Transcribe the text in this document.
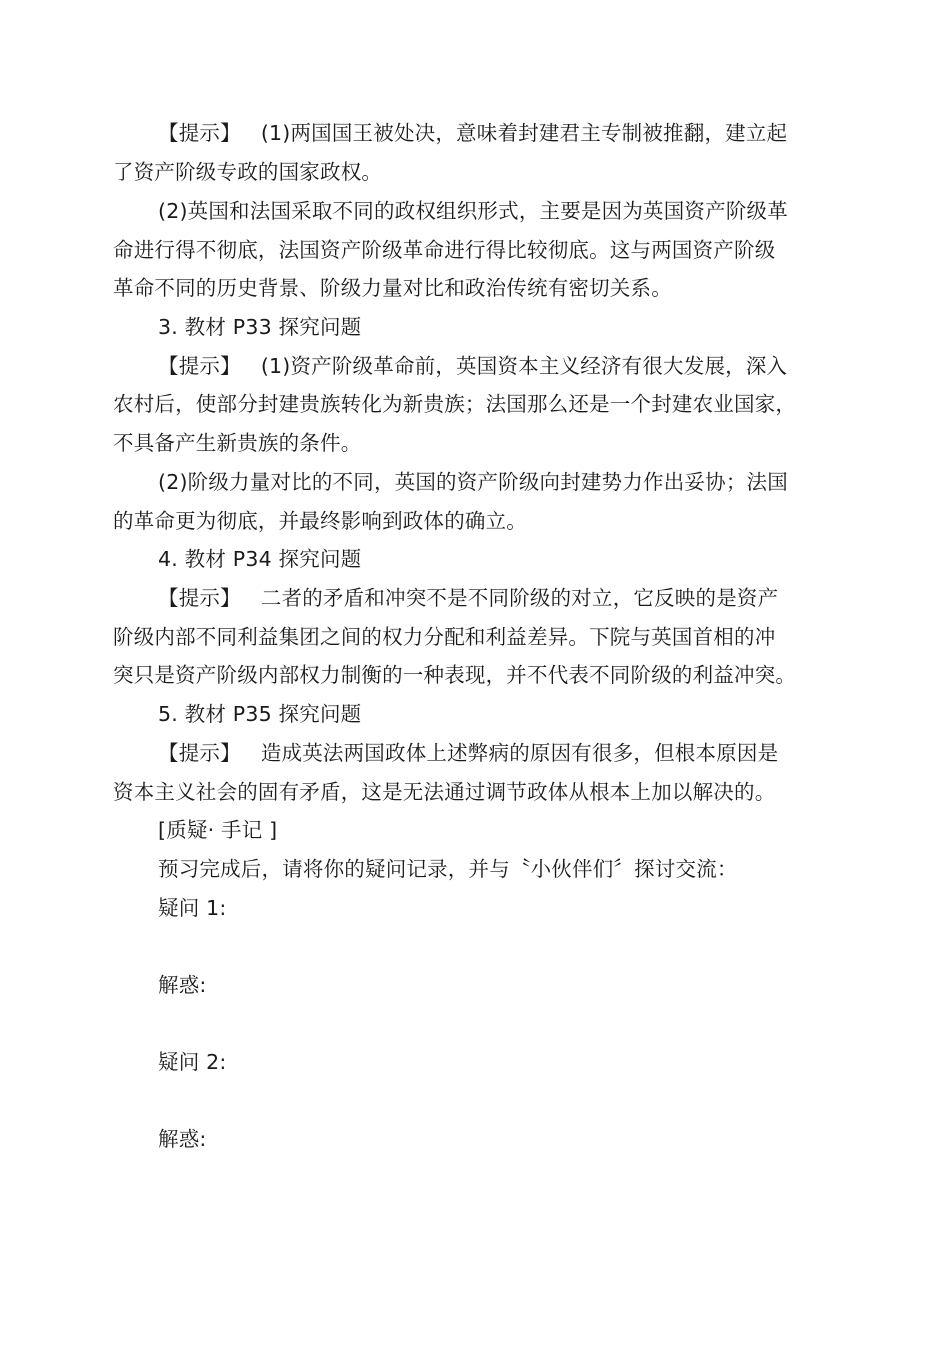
【提示】 (1)两国国王被处决，意味着封建君主专制被推翻，建立起
了资产阶级专政的国家政权。
(2)英国和法国采取不同的政权组织形式，主要是因为英国资产阶级革
命进行得不彻底，法国资产阶级革命进行得比较彻底。这与两国资产阶级
革命不同的历史背景、阶级力量对比和政治传统有密切关系。
3. 教材 P33 探究问题
【提示】 (1)资产阶级革命前，英国资本主义经济有很大发展，深入
农村后，使部分封建贵族转化为新贵族；法国那么还是一个封建农业国家，
不具备产生新贵族的条件。
(2)阶级力量对比的不同，英国的资产阶级向封建势力作出妥协；法国
的革命更为彻底，并最终影响到政体的确立。
4. 教材 P34 探究问题
【提示】 二者的矛盾和冲突不是不同阶级的对立，它反映的是资产
阶级内部不同利益集团之间的权力分配和利益差异。下院与英国首相的冲
突只是资产阶级内部权力制衡的一种表现，并不代表不同阶级的利益冲突。
5. 教材 P35 探究问题
【提示】 造成英法两国政体上述弊病的原因有很多，但根本原因是
资本主义社会的固有矛盾，这是无法通过调节政体从根本上加以解决的。
[质疑· 手记 ]
预习完成后，请将你的疑问记录，并与〝小伙伴们〞探讨交流：
疑问 1:
解惑:
疑问 2:
解惑:
